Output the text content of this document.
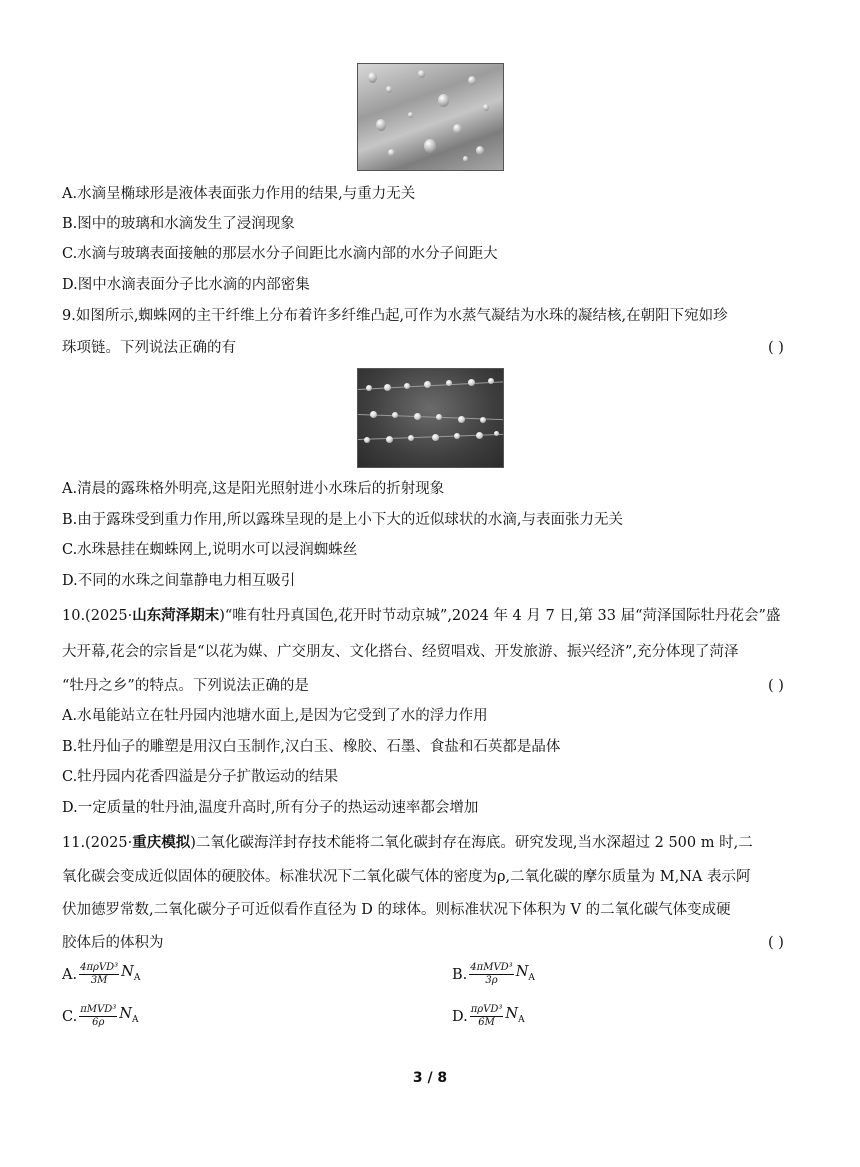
A.水滴呈椭球形是液体表面张力作用的结果,与重力无关
B.图中的玻璃和水滴发生了浸润现象
C.水滴与玻璃表面接触的那层水分子间距比水滴内部的水分子间距大
D.图中水滴表面分子比水滴的内部密集
9.如图所示,蜘蛛网的主干纤维上分布着许多纤维凸起,可作为水蒸气凝结为水珠的凝结核,在朝阳下宛如珍
珠项链。下列说法正确的有	( )
A.清晨的露珠格外明亮,这是阳光照射进小水珠后的折射现象
B.由于露珠受到重力作用,所以露珠呈现的是上小下大的近似球状的水滴,与表面张力无关
C.水珠悬挂在蜘蛛网上,说明水可以浸润蜘蛛丝
D.不同的水珠之间靠静电力相互吸引
10.(2025·山东菏泽期末)“唯有牡丹真国色,花开时节动京城”,2024 年 4 月 7 日,第 33 届“菏泽国际牡丹花会”盛
大开幕,花会的宗旨是“以花为媒、广交朋友、文化搭台、经贸唱戏、开发旅游、振兴经济”,充分体现了菏泽
“牡丹之乡”的特点。下列说法正确的是	( )
A.水黾能站立在牡丹园内池塘水面上,是因为它受到了水的浮力作用
B.牡丹仙子的雕塑是用汉白玉制作,汉白玉、橡胶、石墨、食盐和石英都是晶体
C.牡丹园内花香四溢是分子扩散运动的结果
D.一定质量的牡丹油,温度升高时,所有分子的热运动速率都会增加
11.(2025·重庆模拟)二氧化碳海洋封存技术能将二氧化碳封存在海底。研究发现,当水深超过 2 500 m 时,二
氧化碳会变成近似固体的硬胶体。标准状况下二氧化碳气体的密度为ρ,二氧化碳的摩尔质量为 M,NA 表示阿
伏加德罗常数,二氧化碳分子可近似看作直径为 D 的球体。则标准状况下体积为 V 的二氧化碳气体变成硬
胶体后的体积为	( )
A. $\frac{\text{4πρVD³}}{3M} N_A$	B. $\frac{\text{4πMVD³}}{3\rho} N_A$
C. $\frac{\text{πMVD³}}{6\rho} N_A$	D. $\frac{\text{πρVD³}}{6M} N_A$
3 / 8
